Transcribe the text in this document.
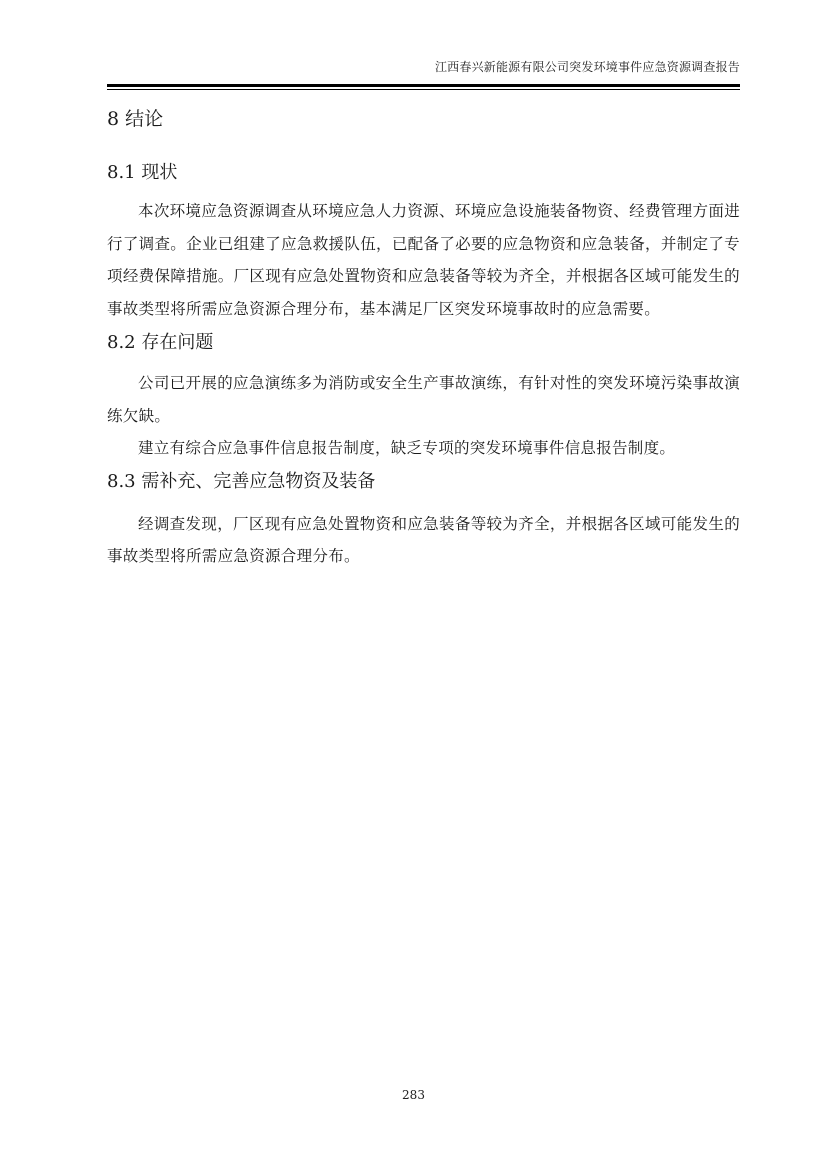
江西春兴新能源有限公司突发环境事件应急资源调查报告
8 结论
8.1 现状

本次环境应急资源调查从环境应急人力资源、环境应急设施装备物资、经费管理方面进行了调查。企业已组建了应急救援队伍，已配备了必要的应急物资和应急装备，并制定了专项经费保障措施。厂区现有应急处置物资和应急装备等较为齐全，并根据各区域可能发生的事故类型将所需应急资源合理分布，基本满足厂区突发环境事故时的应急需要。

8.2 存在问题

公司已开展的应急演练多为消防或安全生产事故演练，有针对性的突发环境污染事故演练欠缺。

建立有综合应急事件信息报告制度，缺乏专项的突发环境事件信息报告制度。

8.3 需补充、完善应急物资及装备

经调查发现，厂区现有应急处置物资和应急装备等较为齐全，并根据各区域可能发生的事故类型将所需应急资源合理分布。

283
